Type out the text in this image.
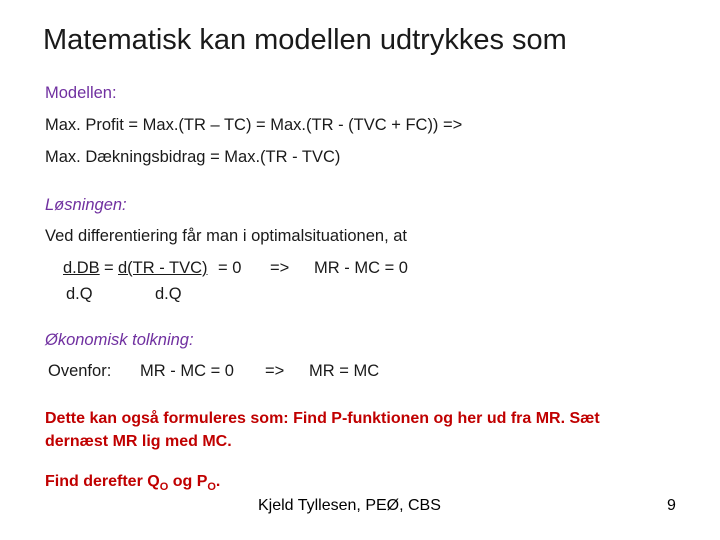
Matematisk kan modellen udtrykkes som
Modellen:
Max. Profit = Max.(TR – TC) = Max.(TR - (TVC + FC)) =>
Max. Dækningsbidrag = Max.(TR - TVC)
Løsningen:
Ved differentiering får man i optimalsituationen, at
d.DB = d(TR - TVC) = 0 => MR - MC = 0
d.Q	d.Q
Økonomisk tolkning:
Ovenfor: MR - MC = 0 => MR = MC
Dette kan også formuleres som: Find P-funktionen og her ud fra MR. Sæt
dernæst MR lig med MC.
Find derefter $Q_O$ og $P_O$.
Kjeld Tyllesen, PEØ, CBS	9
